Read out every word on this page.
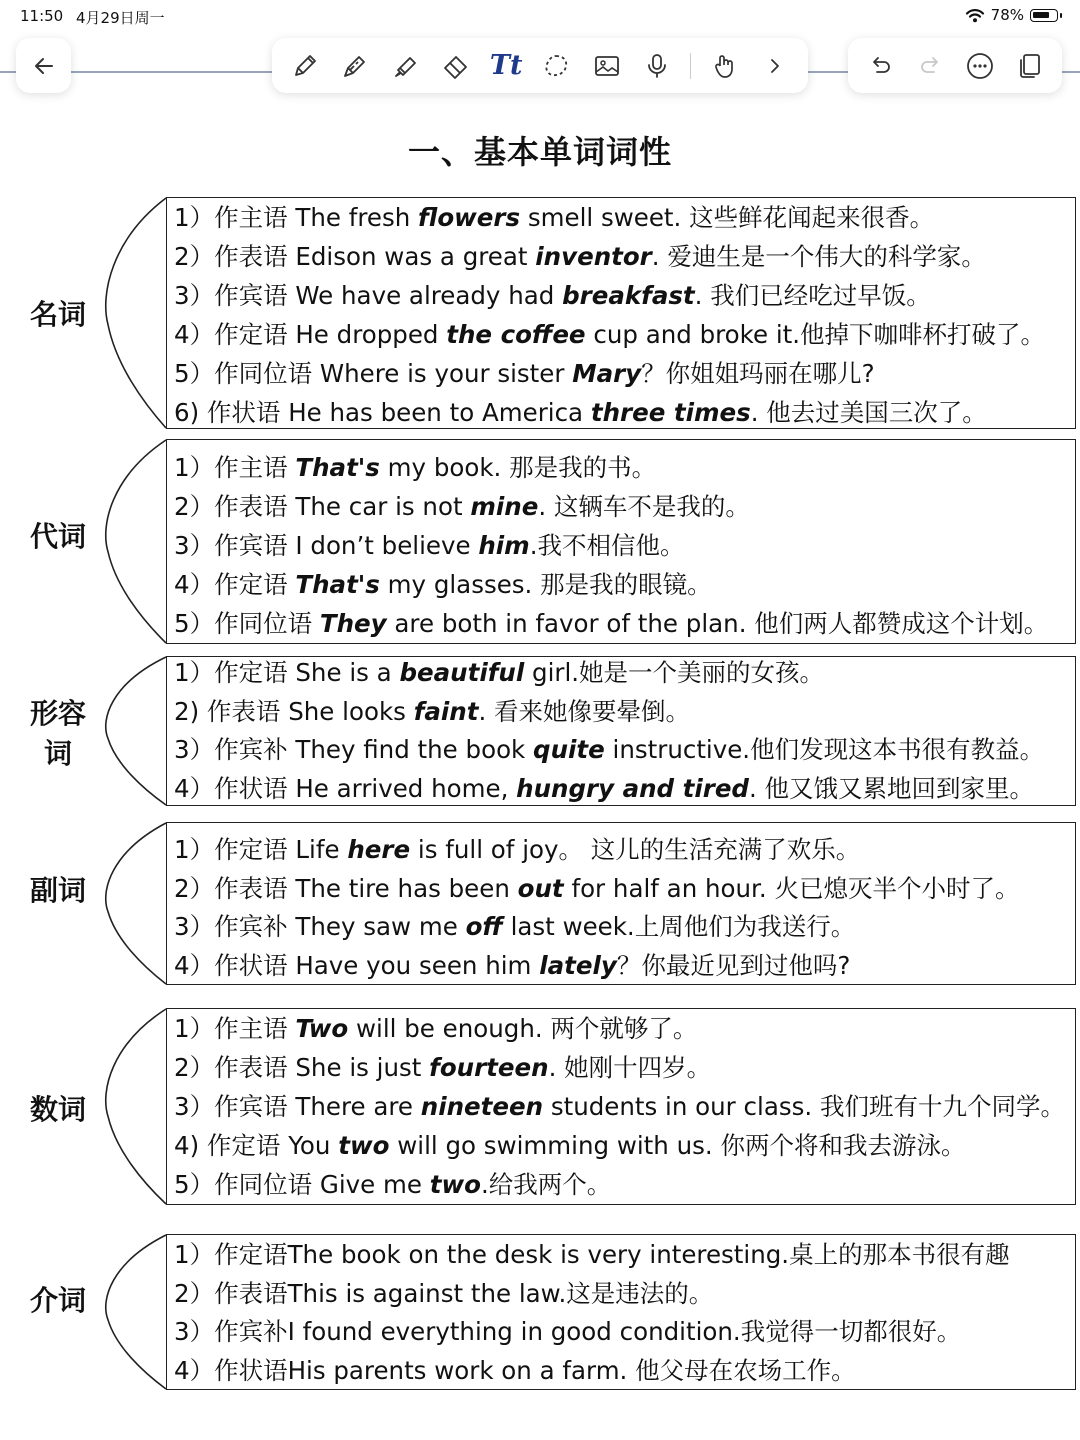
11:50 4月29日周一	78%
Tt
一、基本单词词性
名词
1）作主语 The fresh flowers smell sweet. 这些鲜花闻起来很香。
2）作表语 Edison was a great inventor. 爱迪生是一个伟大的科学家。
3）作宾语 We have already had breakfast. 我们已经吃过早饭。
4）作定语 He dropped the coffee cup and broke it.他掉下咖啡杯打破了。
5）作同位语 Where is your sister Mary？你姐姐玛丽在哪儿?
6) 作状语 He has been to America three times. 他去过美国三次了。
代词
1）作主语 That's my book. 那是我的书。
2）作表语 The car is not mine. 这辆车不是我的。
3）作宾语 I don’t believe him.我不相信他。
4）作定语 That's my glasses. 那是我的眼镜。
5）作同位语 They are both in favor of the plan. 他们两人都赞成这个计划。
形容
词
1）作定语 She is a beautiful girl.她是一个美丽的女孩。
2) 作表语 She looks faint. 看来她像要晕倒。
3）作宾补 They find the book quite instructive.他们发现这本书很有教益。
4）作状语 He arrived home, hungry and tired. 他又饿又累地回到家里。
副词
1）作定语 Life here is full of joy。 这儿的生活充满了欢乐。
2）作表语 The tire has been out for half an hour. 火已熄灭半个小时了。
3）作宾补 They saw me off last week.上周他们为我送行。
4）作状语 Have you seen him lately？你最近见到过他吗?
数词
1）作主语 Two will be enough. 两个就够了。
2）作表语 She is just fourteen. 她刚十四岁。
3）作宾语 There are nineteen students in our class. 我们班有十九个同学。
4) 作定语 You two will go swimming with us. 你两个将和我去游泳。
5）作同位语 Give me two.给我两个。
介词
1）作定语The book on the desk is very interesting.桌上的那本书很有趣
2）作表语This is against the law.这是违法的。
3）作宾补I found everything in good condition.我觉得一切都很好。
4）作状语His parents work on a farm. 他父母在农场工作。
